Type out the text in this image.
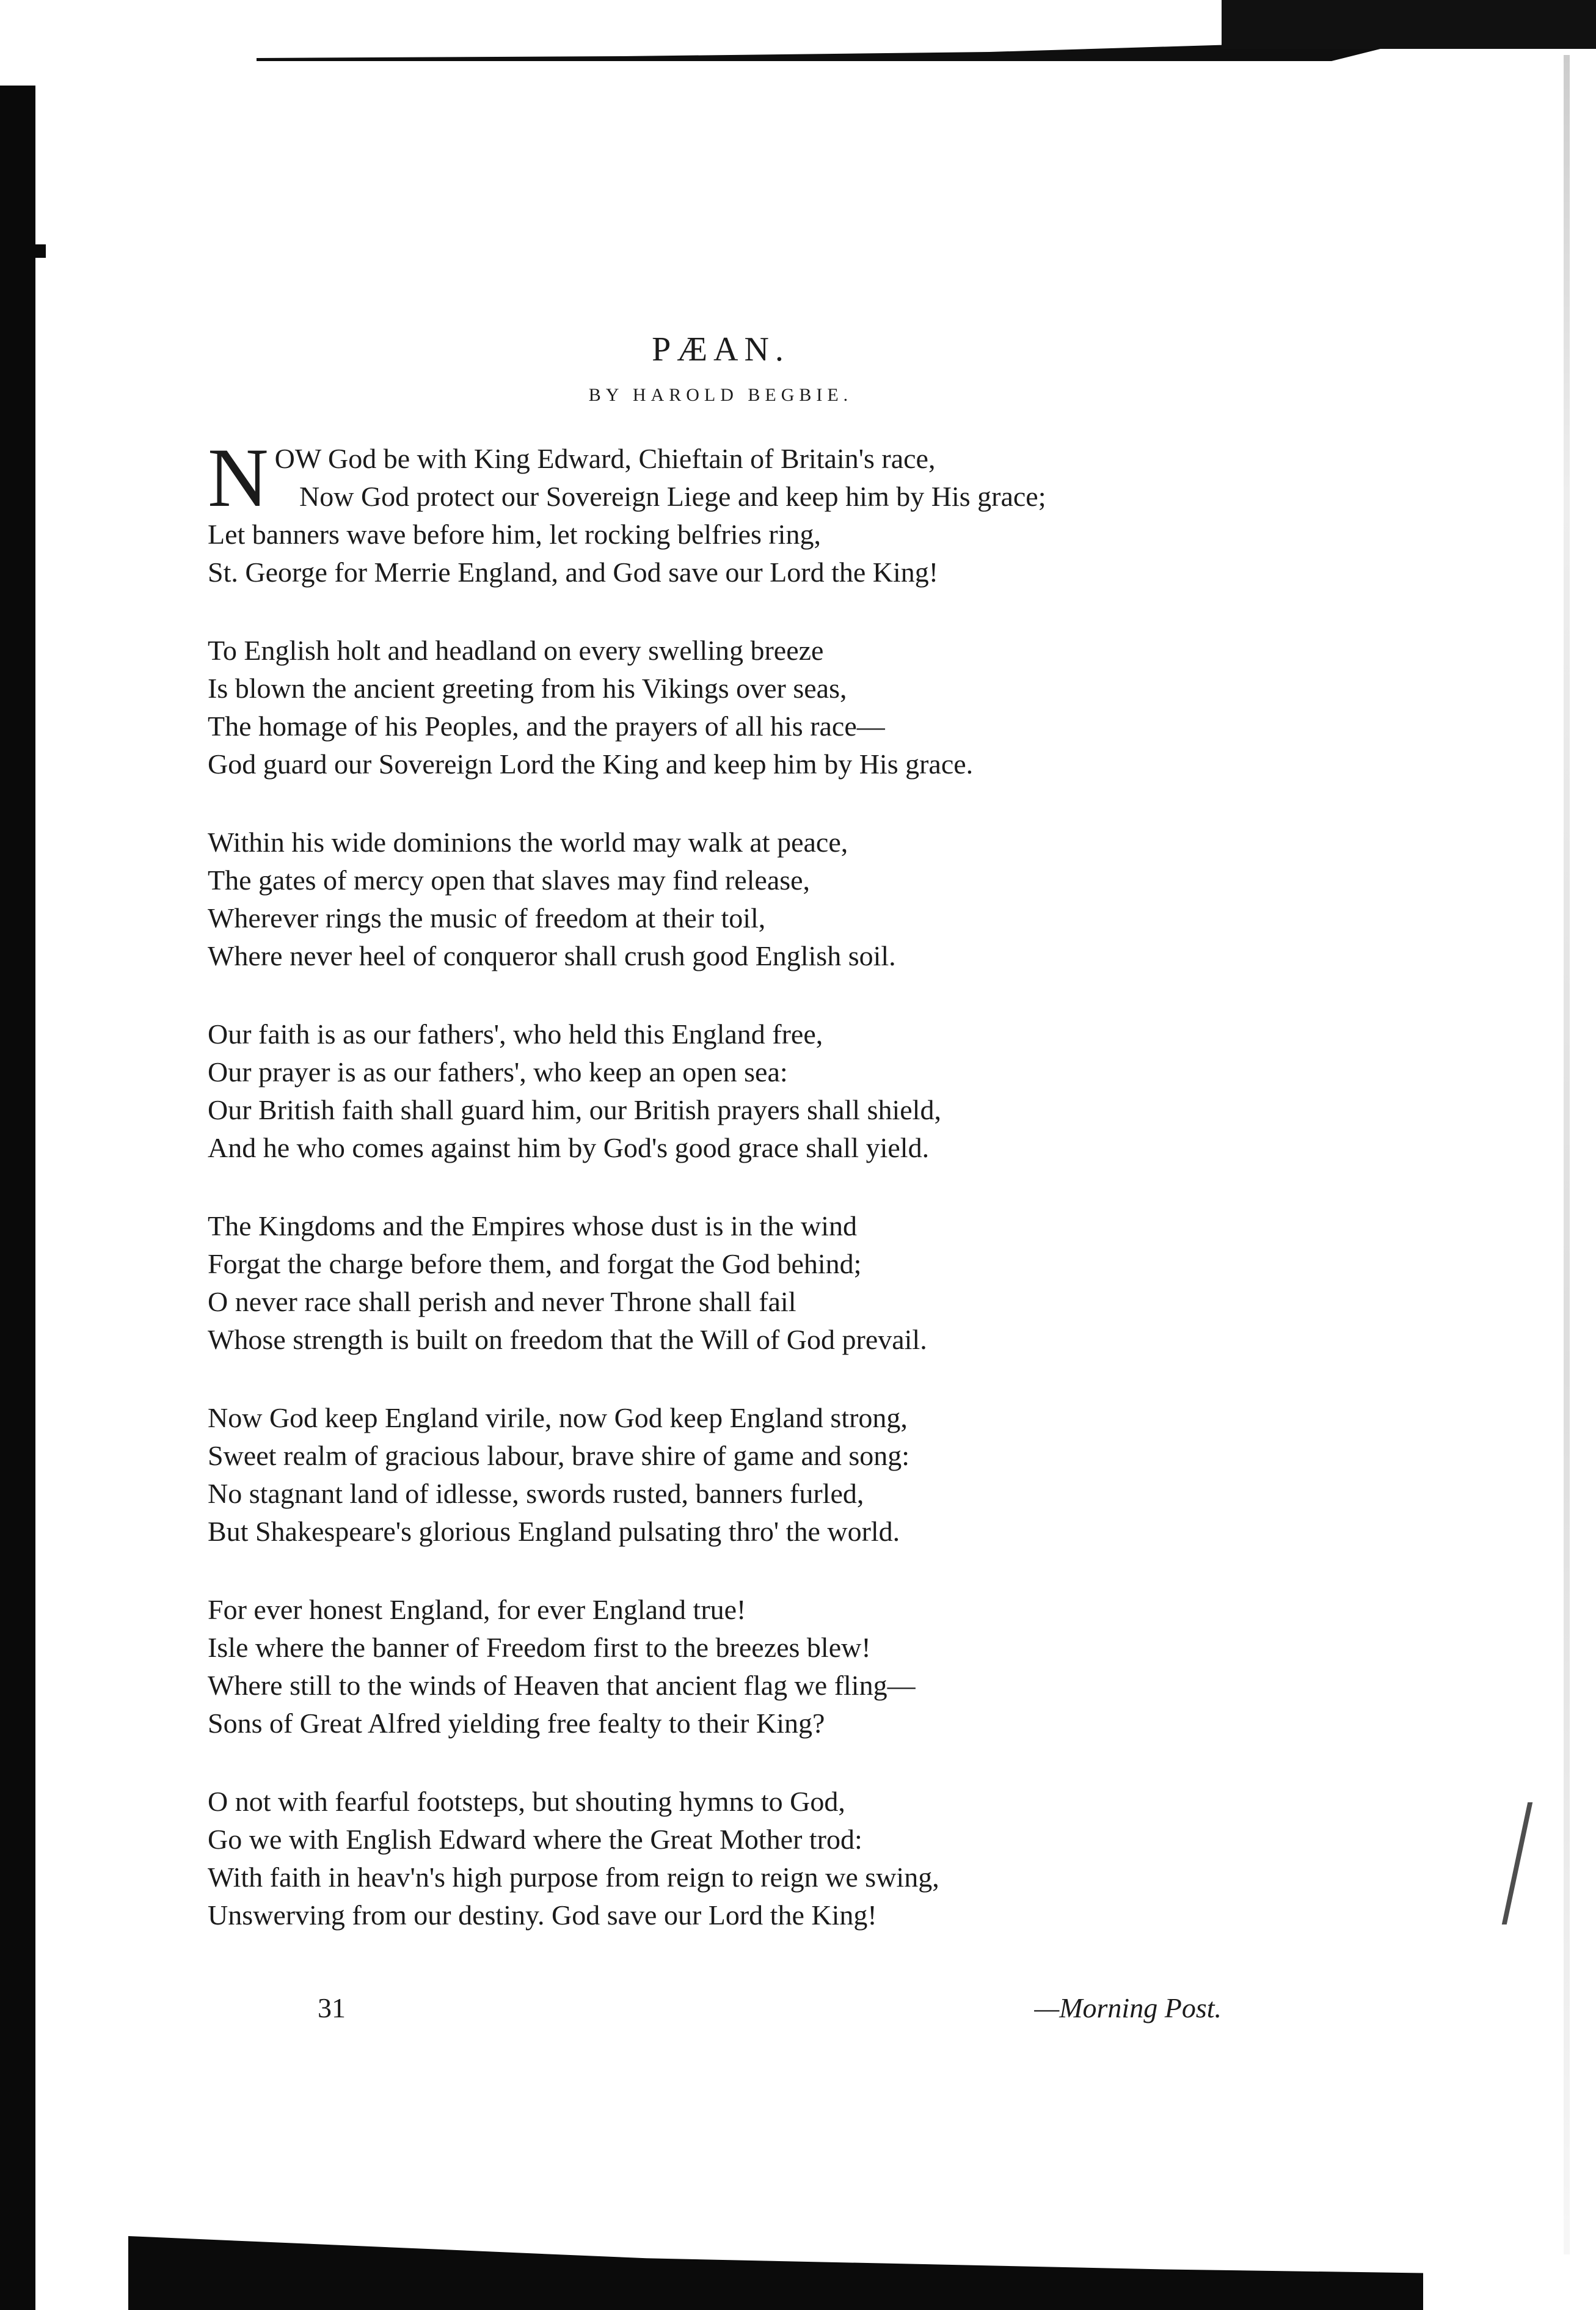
PÆAN.
BY HAROLD BEGBIE.
N OW God be with King Edward, Chieftain of Britain's race,
Now God protect our Sovereign Liege and keep him by His grace;
Let banners wave before him, let rocking belfries ring,
St. George for Merrie England, and God save our Lord the King!
To English holt and headland on every swelling breeze
Is blown the ancient greeting from his Vikings over seas,
The homage of his Peoples, and the prayers of all his race—
God guard our Sovereign Lord the King and keep him by His grace.
Within his wide dominions the world may walk at peace,
The gates of mercy open that slaves may find release,
Wherever rings the music of freedom at their toil,
Where never heel of conqueror shall crush good English soil.
Our faith is as our fathers', who held this England free,
Our prayer is as our fathers', who keep an open sea:
Our British faith shall guard him, our British prayers shall shield,
And he who comes against him by God's good grace shall yield.
The Kingdoms and the Empires whose dust is in the wind
Forgat the charge before them, and forgat the God behind;
O never race shall perish and never Throne shall fail
Whose strength is built on freedom that the Will of God prevail.
Now God keep England virile, now God keep England strong,
Sweet realm of gracious labour, brave shire of game and song:
No stagnant land of idlesse, swords rusted, banners furled,
But Shakespeare's glorious England pulsating thro' the world.
For ever honest England, for ever England true!
Isle where the banner of Freedom first to the breezes blew!
Where still to the winds of Heaven that ancient flag we fling—
Sons of Great Alfred yielding free fealty to their King?
O not with fearful footsteps, but shouting hymns to God,
Go we with English Edward where the Great Mother trod:
With faith in heav'n's high purpose from reign to reign we swing,
Unswerving from our destiny. God save our Lord the King!
31	—Morning Post.
